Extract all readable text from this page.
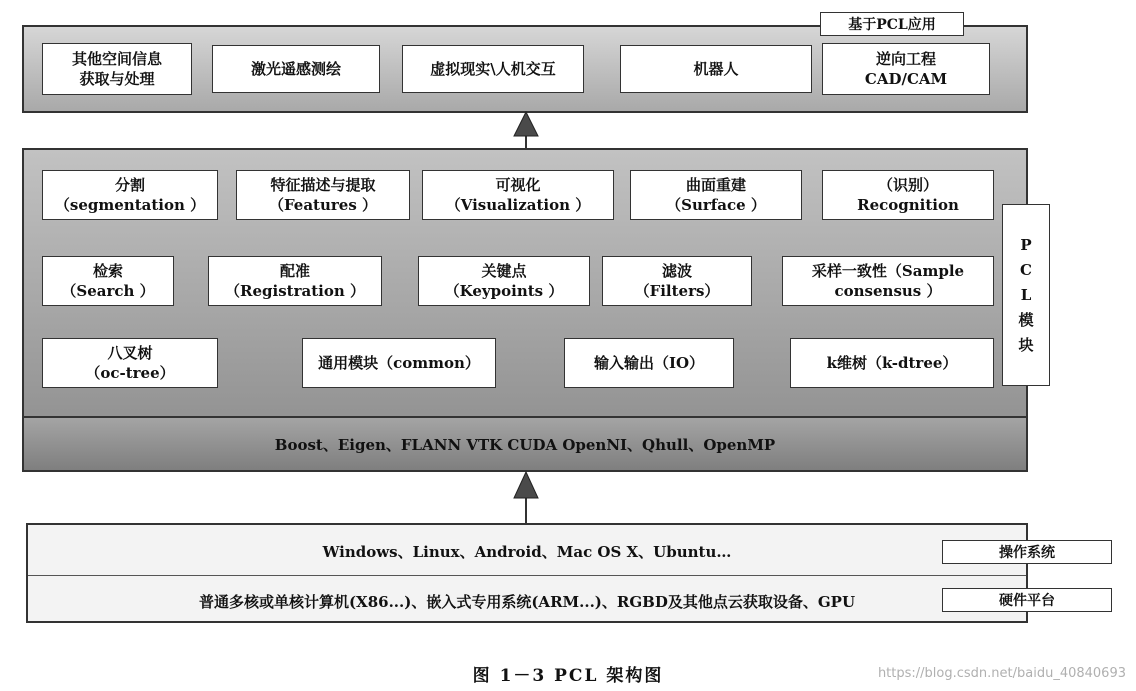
其他空间信息
获取与处理
激光遥感测绘	虚拟现实\人机交互	机器人
逆向工程
CAD/CAM
基于PCL应用
分割
（segmentation ）
特征描述与提取
（Features ）
可视化
（Visualization ）
曲面重建
（Surface ）
（识别）
Recognition
检索
（Search ）
配准
（Registration ）
关键点
（Keypoints ）
滤波
（Filters）
采样一致性（Sample
consensus ）
八叉树
（oc-tree）
通用模块（common）	输入输出（IO）	k维树（k-dtree）
Boost、Eigen、FLANN VTK CUDA OpenNI、Qhull、OpenMP
P
C
L
模
块
Windows、Linux、Android、Mac OS X、Ubuntu…
普通多核或单核计算机(X86...)、嵌入式专用系统(ARM...)、RGBD及其他点云获取设备、GPU
操作系统
硬件平台
图 1－3 PCL 架构图	https://blog.csdn.net/baidu_40840693
